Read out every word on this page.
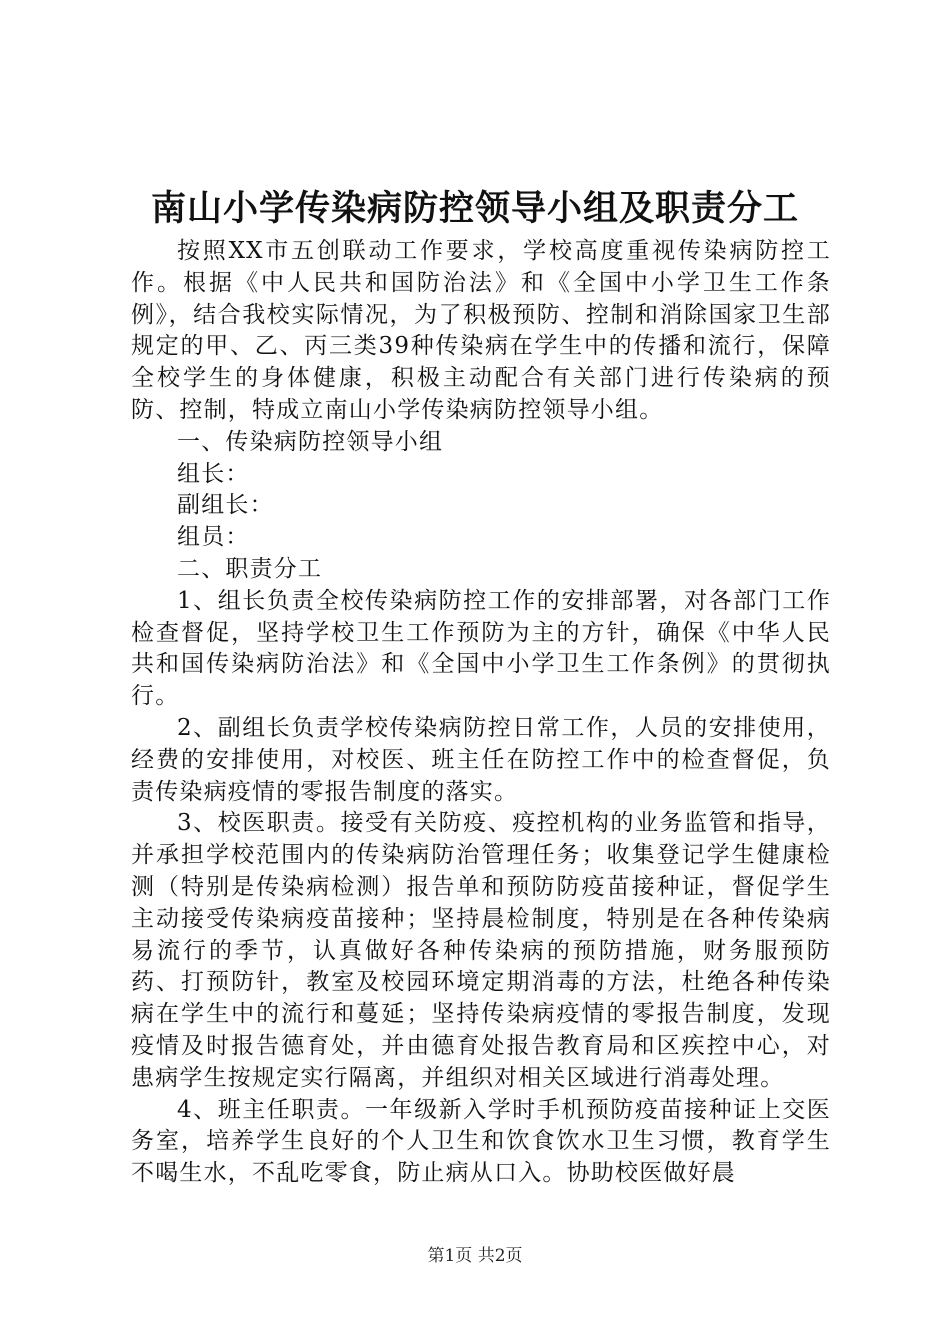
南山小学传染病防控领导小组及职责分工

按照XX市五创联动工作要求，学校高度重视传染病防控工作。根据《中人民共和国防治法》和《全国中小学卫生工作条例》，结合我校实际情况，为了积极预防、控制和消除国家卫生部规定的甲、乙、丙三类39种传染病在学生中的传播和流行，保障全校学生的身体健康，积极主动配合有关部门进行传染病的预防、控制，特成立南山小学传染病防控领导小组。

一、传染病防控领导小组

组长：

副组长：

组员：

二、职责分工

1、组长负责全校传染病防控工作的安排部署，对各部门工作检查督促，坚持学校卫生工作预防为主的方针，确保《中华人民共和国传染病防治法》和《全国中小学卫生工作条例》的贯彻执行。

2、副组长负责学校传染病防控日常工作，人员的安排使用，经费的安排使用，对校医、班主任在防控工作中的检查督促，负责传染病疫情的零报告制度的落实。

3、校医职责。接受有关防疫、疫控机构的业务监管和指导，并承担学校范围内的传染病防治管理任务；收集登记学生健康检测（特别是传染病检测）报告单和预防防疫苗接种证，督促学生主动接受传染病疫苗接种；坚持晨检制度，特别是在各种传染病易流行的季节，认真做好各种传染病的预防措施，财务服预防药、打预防针，教室及校园环境定期消毒的方法，杜绝各种传染病在学生中的流行和蔓延；坚持传染病疫情的零报告制度，发现疫情及时报告德育处，并由德育处报告教育局和区疾控中心，对患病学生按规定实行隔离，并组织对相关区域进行消毒处理。

4、班主任职责。一年级新入学时手机预防疫苗接种证上交医务室，培养学生良好的个人卫生和饮食饮水卫生习惯，教育学生不喝生水，不乱吃零食，防止病从口入。协助校医做好晨

第1页 共2页
